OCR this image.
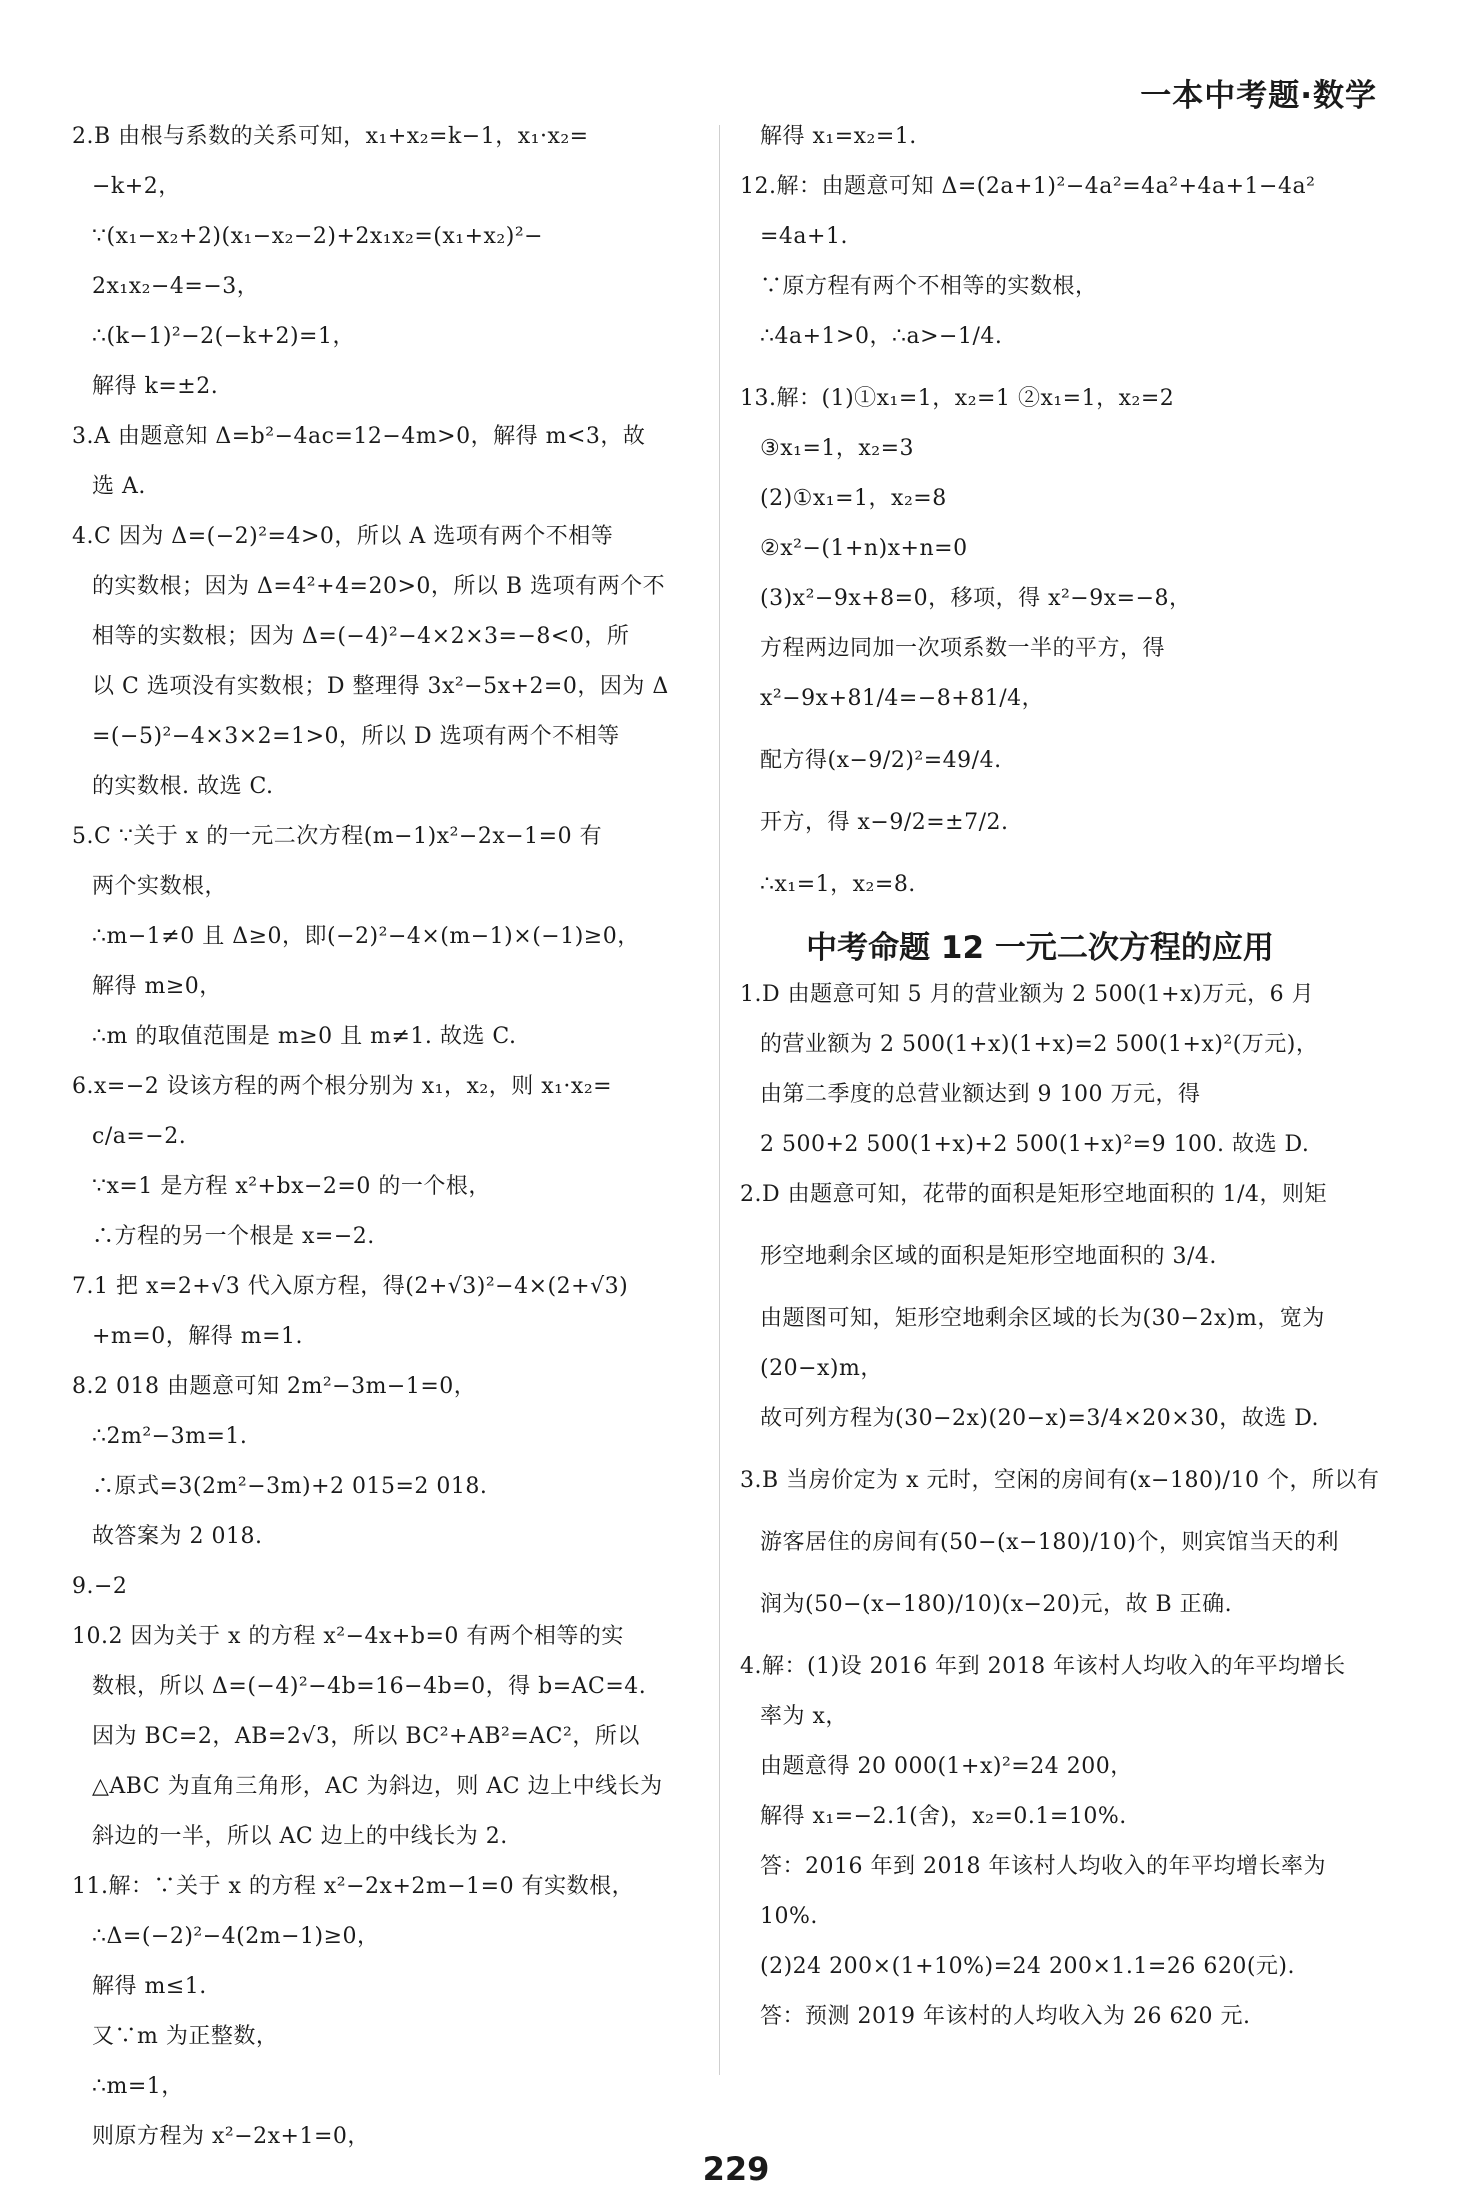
一本中考题·数学
2.B 由根与系数的关系可知，x₁+x₂=k−1，x₁·x₂=
−k+2，
∵(x₁−x₂+2)(x₁−x₂−2)+2x₁x₂=(x₁+x₂)²−
2x₁x₂−4=−3，
∴(k−1)²−2(−k+2)=1，
解得 k=±2.
3.A 由题意知 Δ=b²−4ac=12−4m>0，解得 m<3，故
选 A.
4.C 因为 Δ=(−2)²=4>0，所以 A 选项有两个不相等
的实数根；因为 Δ=4²+4=20>0，所以 B 选项有两个不
相等的实数根；因为 Δ=(−4)²−4×2×3=−8<0，所
以 C 选项没有实数根；D 整理得 3x²−5x+2=0，因为 Δ
=(−5)²−4×3×2=1>0，所以 D 选项有两个不相等
的实数根. 故选 C.
5.C ∵关于 x 的一元二次方程(m−1)x²−2x−1=0 有
两个实数根，
∴m−1≠0 且 Δ≥0，即(−2)²−4×(m−1)×(−1)≥0，
解得 m≥0，
∴m 的取值范围是 m≥0 且 m≠1. 故选 C.
6.x=−2 设该方程的两个根分别为 x₁，x₂，则 x₁·x₂=
c/a=−2.
∵x=1 是方程 x²+bx−2=0 的一个根，
∴方程的另一个根是 x=−2.
7.1 把 x=2+√3 代入原方程，得(2+√3)²−4×(2+√3)
+m=0，解得 m=1.
8.2 018 由题意可知 2m²−3m−1=0，
∴2m²−3m=1.
∴原式=3(2m²−3m)+2 015=2 018.
故答案为 2 018.
9.−2
10.2 因为关于 x 的方程 x²−4x+b=0 有两个相等的实
数根，所以 Δ=(−4)²−4b=16−4b=0，得 b=AC=4.
因为 BC=2，AB=2√3，所以 BC²+AB²=AC²，所以
△ABC 为直角三角形，AC 为斜边，则 AC 边上中线长为
斜边的一半，所以 AC 边上的中线长为 2.
11.解：∵关于 x 的方程 x²−2x+2m−1=0 有实数根，
∴Δ=(−2)²−4(2m−1)≥0，
解得 m≤1.
又∵m 为正整数，
∴m=1，
则原方程为 x²−2x+1=0，
解得 x₁=x₂=1.
12.解：由题意可知 Δ=(2a+1)²−4a²=4a²+4a+1−4a²
=4a+1.
∵原方程有两个不相等的实数根，
∴4a+1>0，∴a>−1/4.
13.解：(1)①x₁=1，x₂=1 ②x₁=1，x₂=2
③x₁=1，x₂=3
(2)①x₁=1，x₂=8
②x²−(1+n)x+n=0
(3)x²−9x+8=0，移项，得 x²−9x=−8，
方程两边同加一次项系数一半的平方，得
x²−9x+81/4=−8+81/4，
配方得(x−9/2)²=49/4.
开方，得 x−9/2=±7/2.
∴x₁=1，x₂=8.
中考命题 12 一元二次方程的应用
1.D 由题意可知 5 月的营业额为 2 500(1+x)万元，6 月
的营业额为 2 500(1+x)(1+x)=2 500(1+x)²(万元)，
由第二季度的总营业额达到 9 100 万元，得
2 500+2 500(1+x)+2 500(1+x)²=9 100. 故选 D.
2.D 由题意可知，花带的面积是矩形空地面积的 1/4，则矩
形空地剩余区域的面积是矩形空地面积的 3/4.
由题图可知，矩形空地剩余区域的长为(30−2x)m，宽为
(20−x)m，
故可列方程为(30−2x)(20−x)=3/4×20×30，故选 D.
3.B 当房价定为 x 元时，空闲的房间有(x−180)/10 个，所以有
游客居住的房间有(50−(x−180)/10)个，则宾馆当天的利
润为(50−(x−180)/10)(x−20)元，故 B 正确.
4.解：(1)设 2016 年到 2018 年该村人均收入的年平均增长
率为 x，
由题意得 20 000(1+x)²=24 200，
解得 x₁=−2.1(舍)，x₂=0.1=10%.
答：2016 年到 2018 年该村人均收入的年平均增长率为
10%.
(2)24 200×(1+10%)=24 200×1.1=26 620(元).
答：预测 2019 年该村的人均收入为 26 620 元.
229
